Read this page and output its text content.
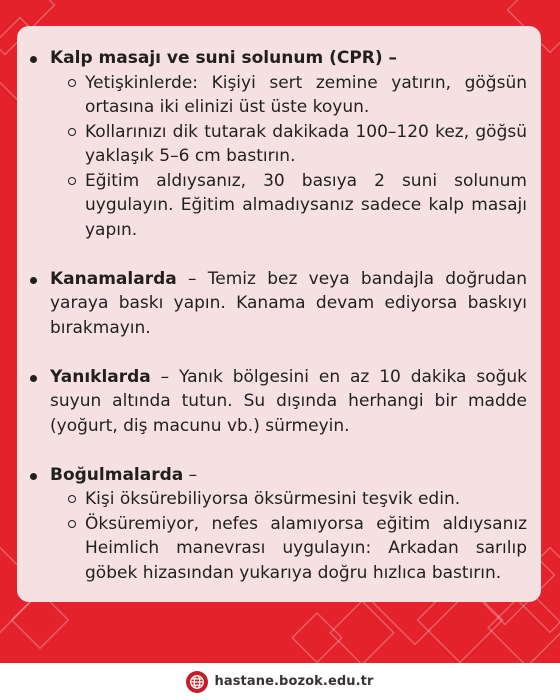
Kalp masajı ve suni solunum (CPR) –
Yetişkinlerde: Kişiyi sert zemine yatırın, göğsün ortasına iki elinizi üst üste koyun.
Kollarınızı dik tutarak dakikada 100–120 kez, göğsü yaklaşık 5–6 cm bastırın.
Eğitim aldıysanız, 30 basıya 2 suni solunum uygulayın. Eğitim almadıysanız sadece kalp masajı yapın.
Kanamalarda – Temiz bez veya bandajla doğrudan yaraya baskı yapın. Kanama devam ediyorsa baskıyı bırakmayın.
Yanıklarda – Yanık bölgesini en az 10 dakika soğuk suyun altında tutun. Su dışında herhangi bir madde (yoğurt, diş macunu vb.) sürmeyin.
Boğulmalarda –
Kişi öksürebiliyorsa öksürmesini teşvik edin.
Öksüremiyor, nefes alamıyorsa eğitim aldıysanız Heimlich manevrası uygulayın: Arkadan sarılıp göbek hizasından yukarıya doğru hızlıca bastırın.
hastane.bozok.edu.tr
